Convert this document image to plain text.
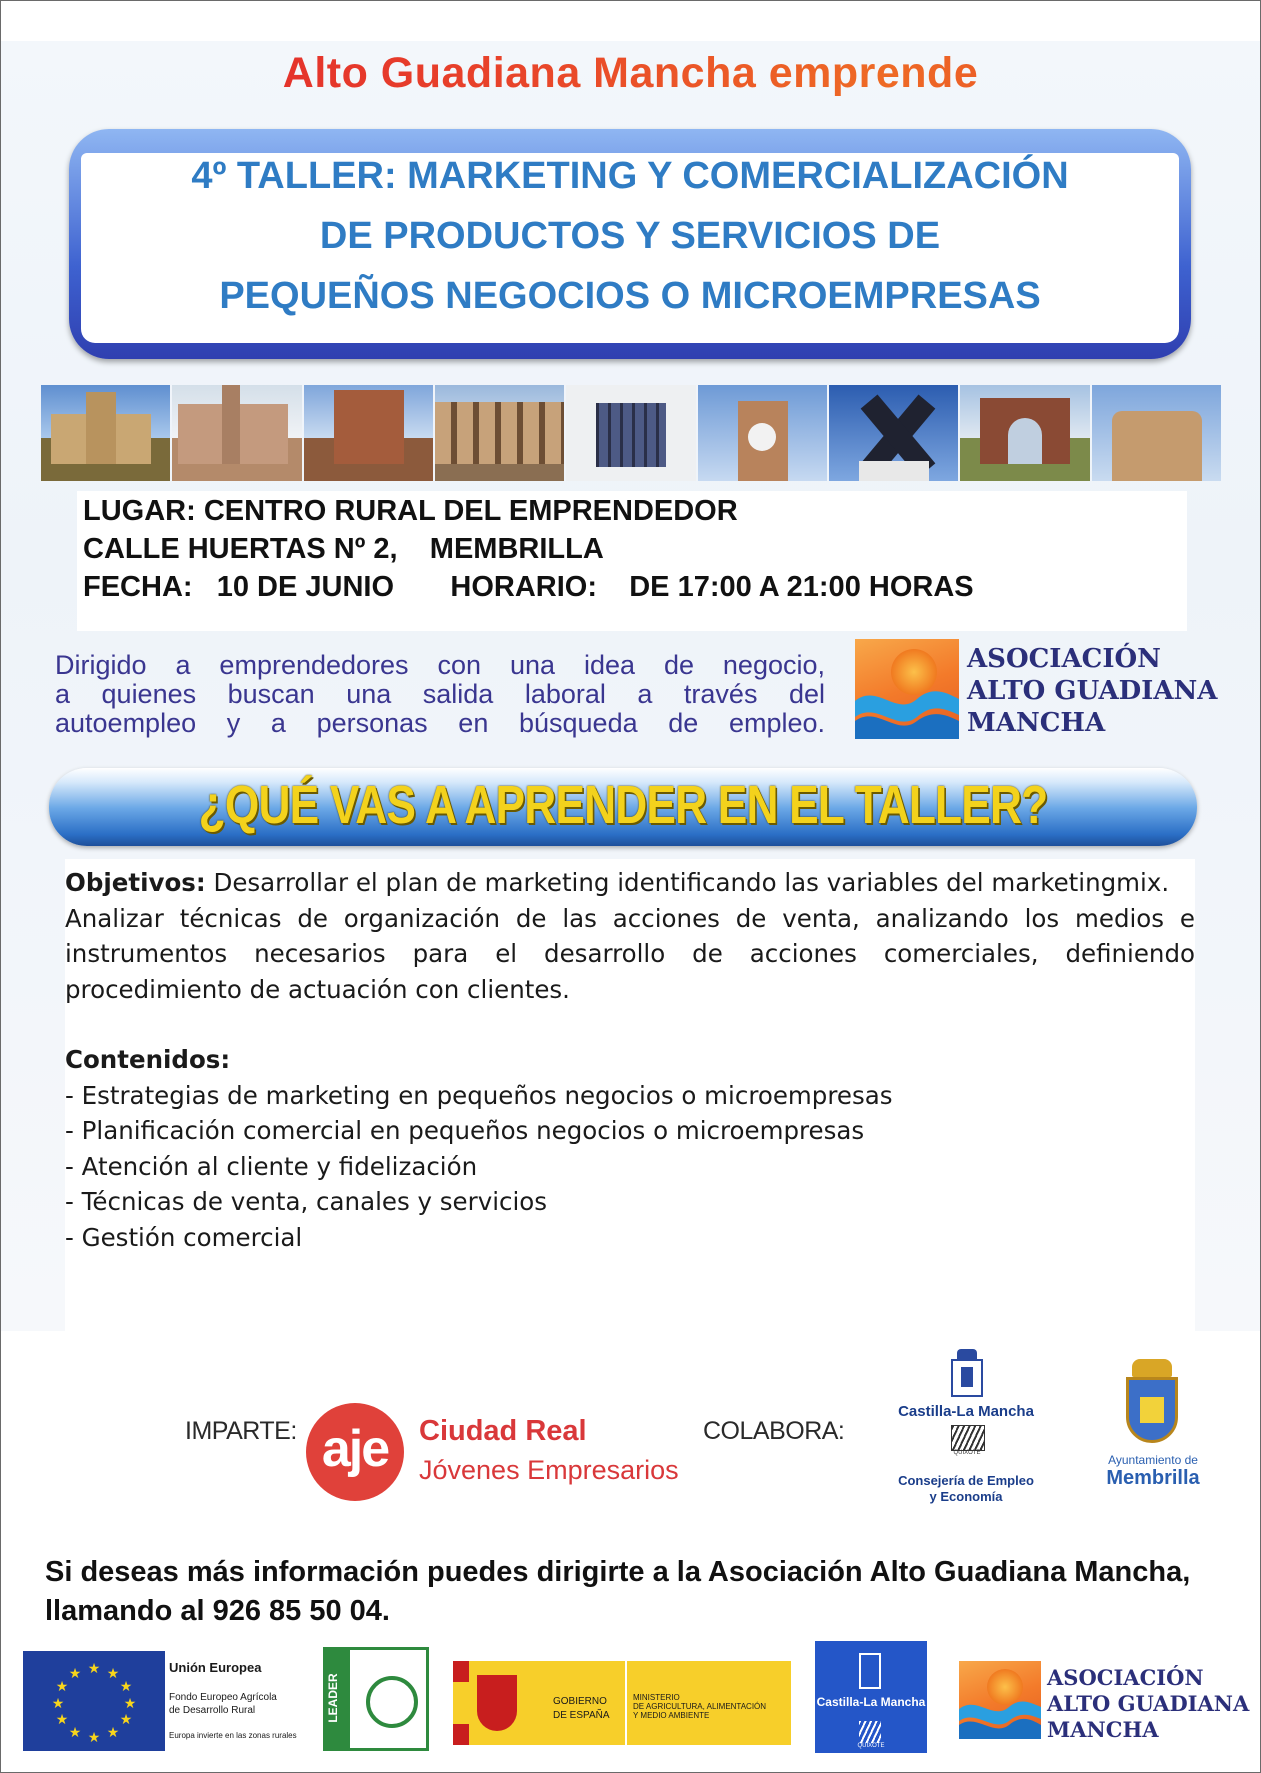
Alto Guadiana Mancha emprende
4º TALLER: MARKETING Y COMERCIALIZACIÓN
DE PRODUCTOS Y SERVICIOS DE
PEQUEÑOS NEGOCIOS O MICROEMPRESAS
LUGAR: CENTRO RURAL DEL EMPRENDEDOR
CALLE HUERTAS Nº 2,    MEMBRILLA
FECHA:   10 DE JUNIO       HORARIO:    DE 17:00 A 21:00 HORAS
Dirigido a emprendedores con una idea de negocio,
a quienes buscan una salida laboral a través del
autoempleo y a personas en búsqueda de empleo.
ASOCIACIÓN
ALTO GUADIANA
MANCHA
¿QUÉ VAS A APRENDER EN EL TALLER?

Objetivos: Desarrollar el plan de marketing identificando las variables del marketingmix.

Analizar técnicas de organización de las acciones de venta, analizando los medios e instrumentos necesarios para el desarrollo de acciones comerciales, definiendo procedimiento de actuación con clientes.

Contenidos:

- Estrategias de marketing en pequeños negocios o microempresas
- Planificación comercial en pequeños negocios o microempresas
- Atención al cliente y fidelización
- Técnicas de venta, canales y servicios
- Gestión comercial
IMPARTE: aje	Ciudad Real
Jóvenes Empresarios
COLABORA:
Castilla-La Mancha
QUIXOTE
Consejería de Empleo
y Economía
Ayuntamiento de
Membrilla
Si deseas más información puedes dirigirte a la Asociación Alto Guadiana Mancha, llamando al 926 85 50 04.
★ ★
★
★
★
★
★
★
★
★
★
★	Unión Europea
Fondo Europeo Agrícola
de Desarrollo Rural
Europa invierte en las zonas rurales
LEADER	GOBIERNO
DE ESPAÑA
MINISTERIO
DE AGRICULTURA, ALIMENTACIÓN
Y MEDIO AMBIENTE
Castilla-La Mancha
QUIXOTE
ASOCIACIÓN
ALTO GUADIANA
MANCHA
